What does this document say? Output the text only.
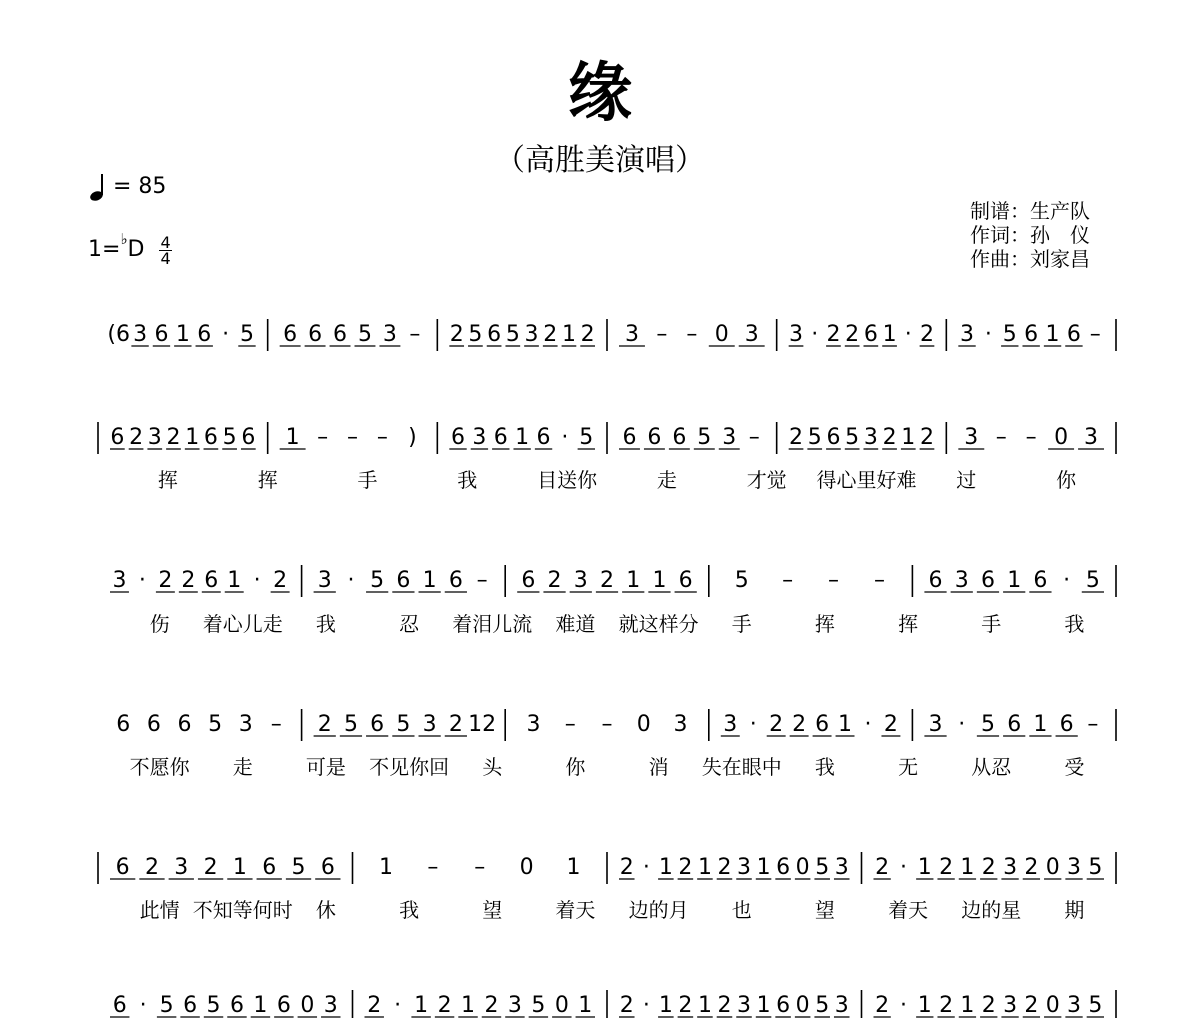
缘
（高胜美演唱）
= 85
$1=^♭D \frac{4}{4}$
制谱：生产队
作词：孙　仪
作曲：刘家昌
(6 3 6 1 6 · 5 6 6 6 5 3 – 2 5 6 5 3 2 1 2 3 – – 0 3 3 · 2 2 6 1 · 2 3 · 5 6 1 6 –
6 2 3 2 1 6 5 6 1 – – – ) 6 3 6 1 6 · 5 6 6 6 5 3 – 2 5 6 5 3 2 1 2 3 – – 0 3
挥	挥	手	我	目送你	走	才觉 得心里好难 过	你
3 · 2 2 6 1 · 2 3 · 5 6 1 6 – 6 2 3 2 1 1 6 5 – – – 6 3 6 1 6 · 5
伤 着心儿走 我	忍 着泪儿流 难道 就这样分 手	挥	挥	手	我
6 6 6 5 3 – 2 5 6 5 3 2 12 3 – – 0 3 3 · 2 2 6 1 · 2 3 · 5 6 1 6 –
不愿你 走	可是 不见你回 头	你	消 失在眼中 我	无	从忍	受
6 2 3 2 1 6 5 6 1 – – 0 1 2 · 1 2 1 2 3 1 6 0 5 3 2 · 1 2 1 2 3 2 0 3 5
此情 不知等何时 休	我	望	着天 边的月 也	望	着天 边的星 期
6 · 5 6 5 6 1 6 0 3 2 · 1 2 1 2 3 5 0 1 2 · 1 2 1 2 3 1 6 0 5 3 2 · 1 2 1 2 3 2 0 3 5
